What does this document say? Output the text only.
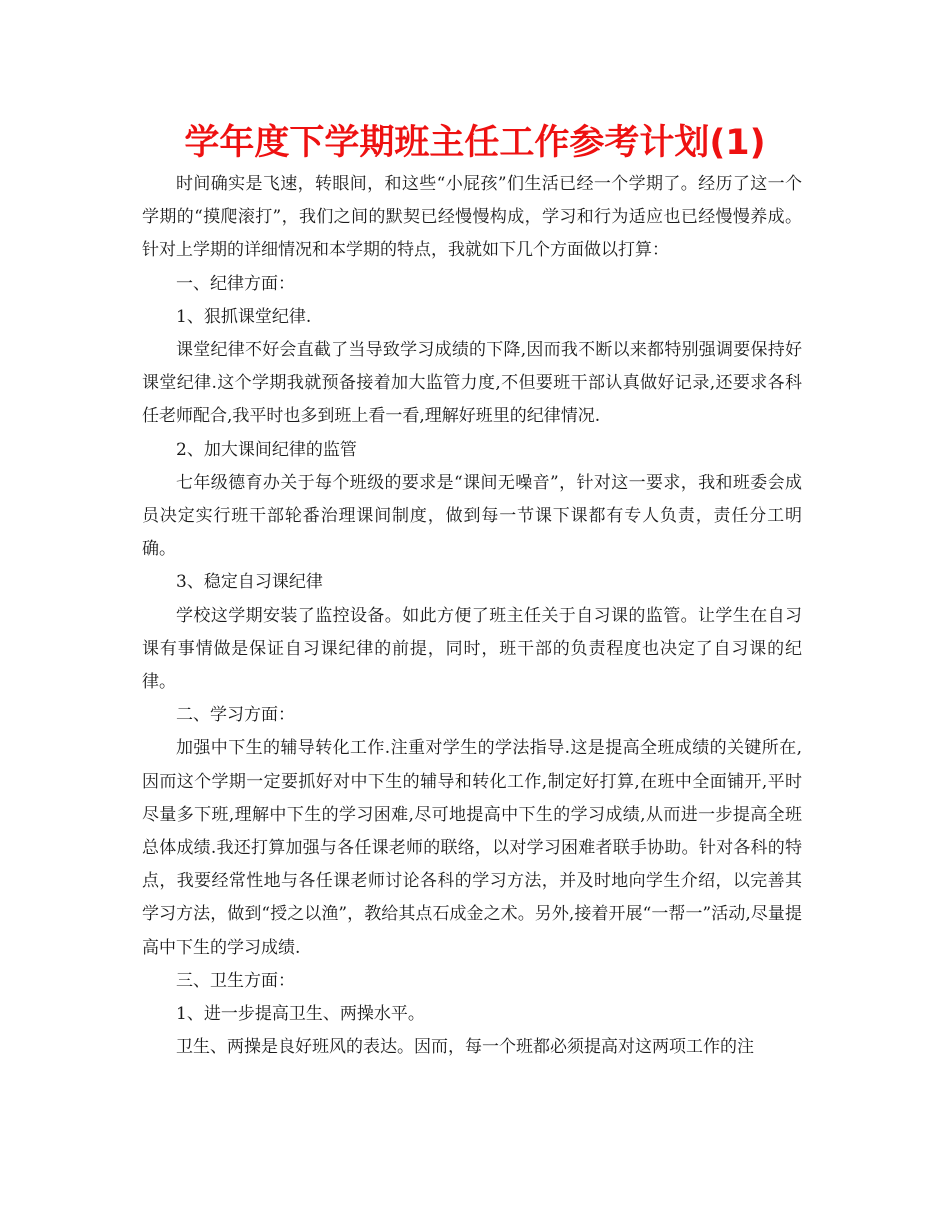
学年度下学期班主任工作参考计划(1)

时间确实是飞速，转眼间，和这些“小屁孩”们生活已经一个学期了。经历了这一个学期的“摸爬滚打”，我们之间的默契已经慢慢构成，学习和行为适应也已经慢慢养成。针对上学期的详细情况和本学期的特点，我就如下几个方面做以打算：

一、纪律方面：

1、狠抓课堂纪律.

课堂纪律不好会直截了当导致学习成绩的下降,因而我不断以来都特别强调要保持好课堂纪律.这个学期我就预备接着加大监管力度,不但要班干部认真做好记录,还要求各科任老师配合,我平时也多到班上看一看,理解好班里的纪律情况.

2、加大课间纪律的监管

七年级德育办关于每个班级的要求是“课间无噪音”，针对这一要求，我和班委会成员决定实行班干部轮番治理课间制度，做到每一节课下课都有专人负责，责任分工明确。

3、稳定自习课纪律

学校这学期安装了监控设备。如此方便了班主任关于自习课的监管。让学生在自习课有事情做是保证自习课纪律的前提，同时，班干部的负责程度也决定了自习课的纪律。

二、学习方面：

加强中下生的辅导转化工作.注重对学生的学法指导.这是提高全班成绩的关键所在,因而这个学期一定要抓好对中下生的辅导和转化工作,制定好打算,在班中全面铺开,平时尽量多下班,理解中下生的学习困难,尽可地提高中下生的学习成绩,从而进一步提高全班总体成绩.我还打算加强与各任课老师的联络，以对学习困难者联手协助。针对各科的特点，我要经常性地与各任课老师讨论各科的学习方法，并及时地向学生介绍，以完善其学习方法，做到“授之以渔”，教给其点石成金之术。另外,接着开展“一帮一”活动,尽量提高中下生的学习成绩.

三、卫生方面：

1、进一步提高卫生、两操水平。

卫生、两操是良好班风的表达。因而，每一个班都必须提高对这两项工作的注
